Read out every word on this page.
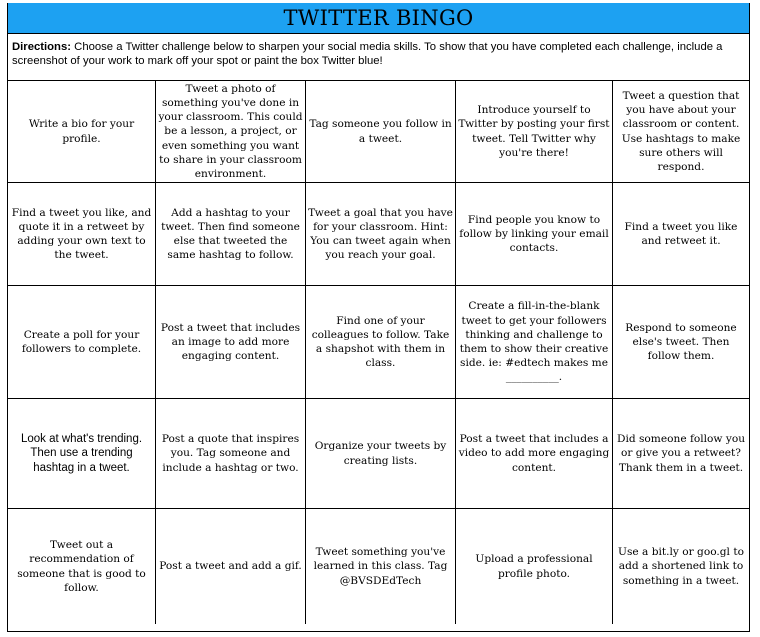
TWITTER BINGO
Directions: Choose a Twitter challenge below to sharpen your social media skills. To show that you have completed each challenge, include a screenshot of your work to mark off your spot or paint the box Twitter blue!
Write a bio for your profile.
Tweet a photo of something you've done in your classroom. This could be a lesson, a project, or even something you want to share in your classroom environment.
Tag someone you follow in a tweet.
Introduce yourself to Twitter by posting your first tweet. Tell Twitter why you're there!
Tweet a question that you have about your classroom or content. Use hashtags to make sure others will respond.
Find a tweet you like, and quote it in a retweet by adding your own text to the tweet.
Add a hashtag to your tweet. Then find someone else that tweeted the same hashtag to follow.
Tweet a goal that you have for your classroom. Hint: You can tweet again when you reach your goal.
Find people you know to follow by linking your email contacts.
Find a tweet you like and retweet it.
Create a poll for your followers to complete.
Post a tweet that includes an image to add more engaging content.
Find one of your colleagues to follow. Take a shapshot with them in class.
Create a fill-in-the-blank tweet to get your followers thinking and challenge to them to show their creative side. ie: #edtech makes me __________.
Respond to someone else's tweet. Then follow them.
Look at what's trending. Then use a trending hashtag in a tweet.
Post a quote that inspires you. Tag someone and include a hashtag or two.
Organize your tweets by creating lists.
Post a tweet that includes a video to add more engaging content.
Did someone follow you or give you a retweet? Thank them in a tweet.
Tweet out a recommendation of someone that is good to follow.
Post a tweet and add a gif.
Tweet something you've learned in this class. Tag @BVSDEdTech
Upload a professional profile photo.
Use a bit.ly or goo.gl to add a shortened link to something in a tweet.
